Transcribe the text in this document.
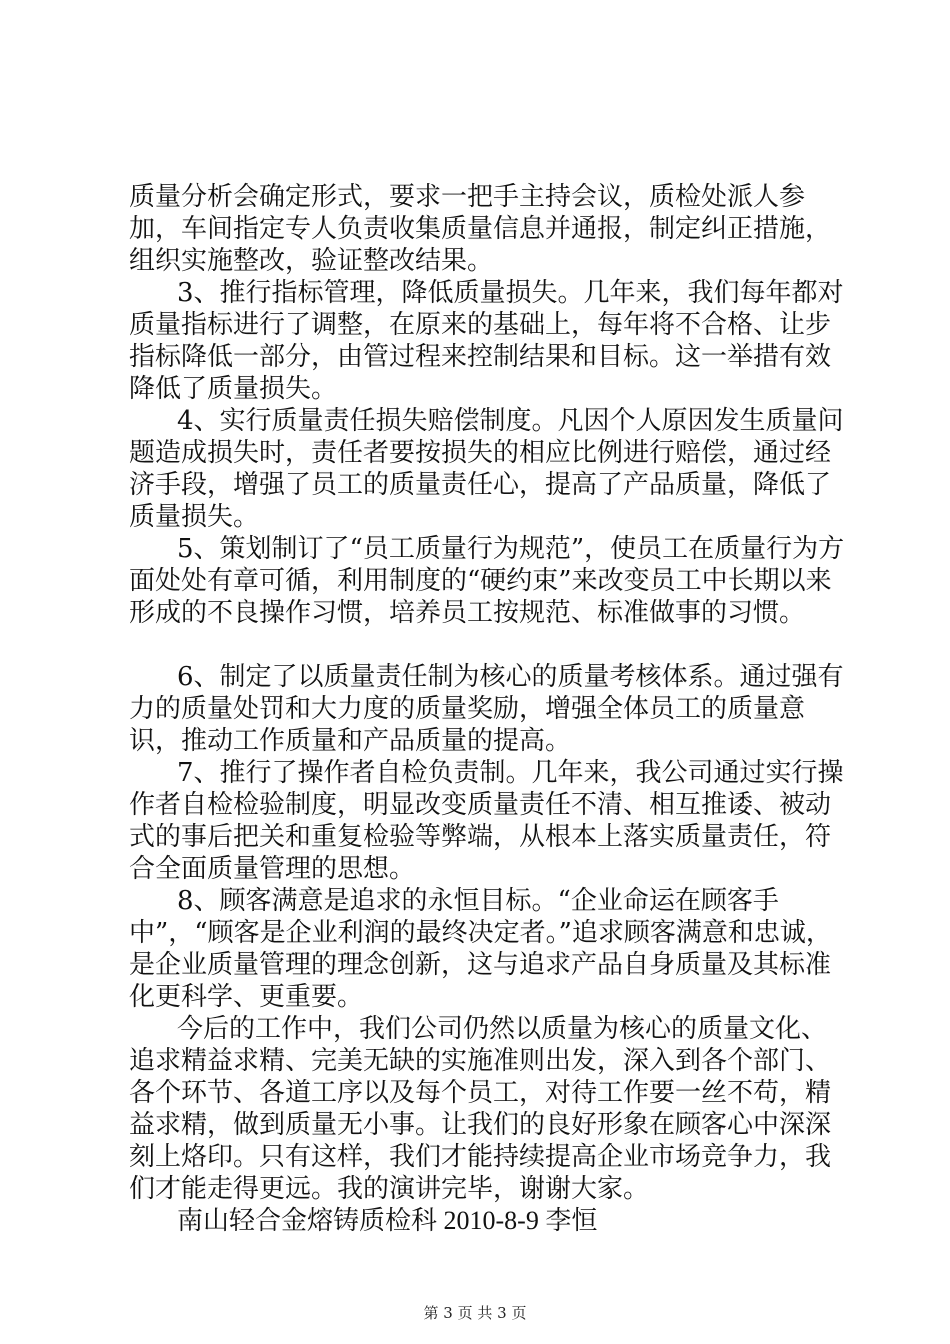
质量分析会确定形式，要求一把手主持会议，质检处派人参加，车间指定专人负责收集质量信息并通报，制定纠正措施，组织实施整改，验证整改结果。

3、推行指标管理，降低质量损失。几年来，我们每年都对质量指标进行了调整，在原来的基础上，每年将不合格、让步指标降低一部分，由管过程来控制结果和目标。这一举措有效降低了质量损失。

4、实行质量责任损失赔偿制度。凡因个人原因发生质量问题造成损失时，责任者要按损失的相应比例进行赔偿，通过经济手段，增强了员工的质量责任心，提高了产品质量，降低了质量损失。

5、策划制订了“员工质量行为规范”，使员工在质量行为方面处处有章可循，利用制度的“硬约束”来改变员工中长期以来形成的不良操作习惯，培养员工按规范、标准做事的习惯。

6、制定了以质量责任制为核心的质量考核体系。通过强有力的质量处罚和大力度的质量奖励，增强全体员工的质量意识，推动工作质量和产品质量的提高。

7、推行了操作者自检负责制。几年来，我公司通过实行操作者自检检验制度，明显改变质量责任不清、相互推诿、被动式的事后把关和重复检验等弊端，从根本上落实质量责任，符合全面质量管理的思想。

8、顾客满意是追求的永恒目标。“企业命运在顾客手中”，“顾客是企业利润的最终决定者。”追求顾客满意和忠诚，是企业质量管理的理念创新，这与追求产品自身质量及其标准化更科学、更重要。

今后的工作中，我们公司仍然以质量为核心的质量文化、追求精益求精、完美无缺的实施准则出发，深入到各个部门、各个环节、各道工序以及每个员工，对待工作要一丝不苟，精益求精，做到质量无小事。让我们的良好形象在顾客心中深深刻上烙印。只有这样，我们才能持续提高企业市场竞争力，我们才能走得更远。我的演讲完毕，谢谢大家。

南山轻合金熔铸质检科 2010-8-9 李恒

第 3 页 共 3 页
